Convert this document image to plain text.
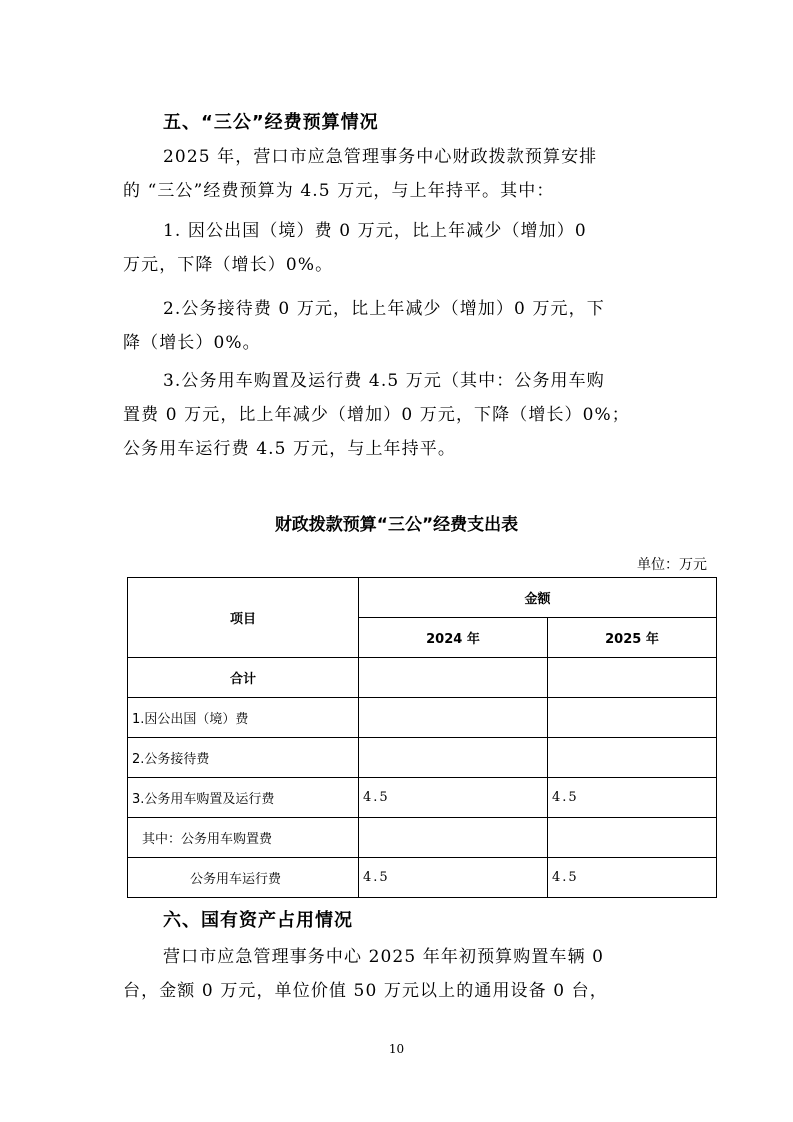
五、“三公”经费预算情况

2025 年，营口市应急管理事务中心财政拨款预算安排
的 “三公”经费预算为 4.5 万元，与上年持平。其中：

1. 因公出国（境）费 0 万元，比上年减少（增加）0
万元，下降（增长）0%。

2.公务接待费 0 万元，比上年减少（增加）0 万元，下
降（增长）0%。

3.公务用车购置及运行费 4.5 万元（其中：公务用车购
置费 0 万元，比上年减少（增加）0 万元，下降（增长）0%；
公务用车运行费 4.5 万元，与上年持平。

财政拨款预算“三公”经费支出表
单位：万元
项目	金额	
	2024 年	2025 年
合计		
1.因公出国（境）费		
2.公务接待费		
3.公务用车购置及运行费	4.5	4.5
其中：公务用车购置费		
公务用车运行费	4.5	4.5
六、国有资产占用情况

营口市应急管理事务中心 2025 年年初预算购置车辆 0
台，金额 0 万元，单位价值 50 万元以上的通用设备 0 台，

10
